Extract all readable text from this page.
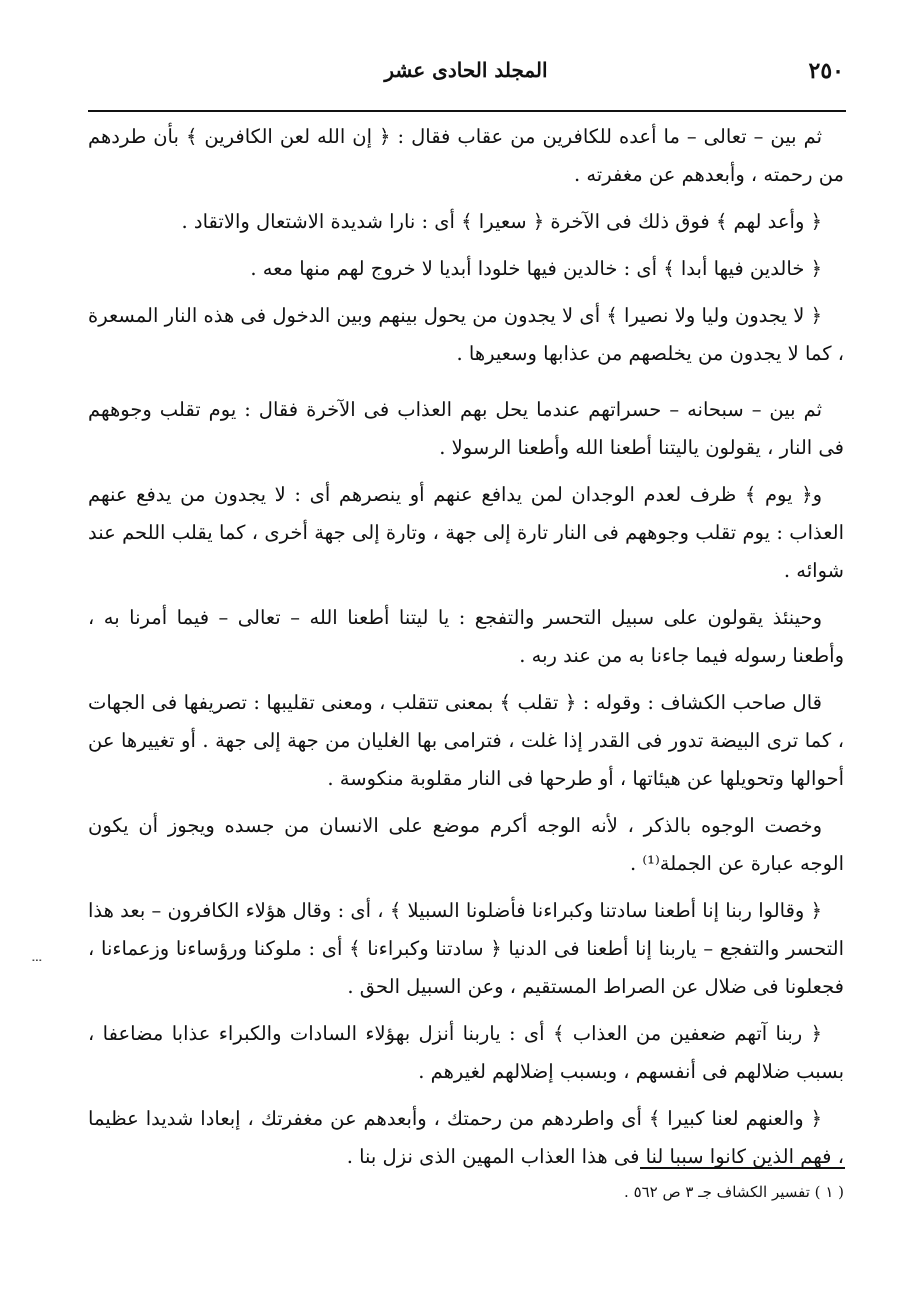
٢٥٠
المجلد الحادى عشر

ثم بين – تعالى – ما أعده للكافرين من عقاب فقال : ﴿ إن الله لعن الكافرين ﴾ بأن طردهم من رحمته ، وأبعدهم عن مغفرته .

﴿ وأعد لهم ﴾ فوق ذلك فى الآخرة ﴿ سعيرا ﴾ أى : نارا شديدة الاشتعال والاتقاد .

﴿ خالدين فيها أبدا ﴾ أى : خالدين فيها خلودا أبديا لا خروج لهم منها معه .

﴿ لا يجدون وليا ولا نصيرا ﴾ أى لا يجدون من يحول بينهم وبين الدخول فى هذه النار المسعرة ، كما لا يجدون من يخلصهم من عذابها وسعيرها .

ثم بين – سبحانه – حسراتهم عندما يحل بهم العذاب فى الآخرة فقال : يوم تقلب وجوههم فى النار ، يقولون ياليتنا أطعنا الله وأطعنا الرسولا .

و﴿ يوم ﴾ ظرف لعدم الوجدان لمن يدافع عنهم أو ينصرهم أى : لا يجدون من يدفع عنهم العذاب : يوم تقلب وجوههم فى النار تارة إلى جهة ، وتارة إلى جهة أخرى ، كما يقلب اللحم عند شوائه .

وحينئذ يقولون على سبيل التحسر والتفجع : يا ليتنا أطعنا الله – تعالى – فيما أمرنا به ، وأطعنا رسوله فيما جاءنا به من عند ربه .

قال صاحب الكشاف : وقوله : ﴿ تقلب ﴾ بمعنى تتقلب ، ومعنى تقليبها : تصريفها فى الجهات ، كما ترى البيضة تدور فى القدر إذا غلت ، فترامى بها الغليان من جهة إلى جهة . أو تغييرها عن أحوالها وتحويلها عن هيئاتها ، أو طرحها فى النار مقلوبة منكوسة .

وخصت الوجوه بالذكر ، لأنه الوجه أكرم موضع على الانسان من جسده ويجوز أن يكون الوجه عبارة عن الجملة⁽¹⁾ .

﴿ وقالوا ربنا إنا أطعنا سادتنا وكبراءنا فأضلونا السبيلا ﴾ ، أى : وقال هؤلاء الكافرون – بعد هذا التحسر والتفجع – ياربنا إنا أطعنا فى الدنيا ﴿ سادتنا وكبراءنا ﴾ أى : ملوكنا ورؤساءنا وزعماءنا ، فجعلونا فى ضلال عن الصراط المستقيم ، وعن السبيل الحق .

﴿ ربنا آتهم ضعفين من العذاب ﴾ أى : ياربنا أنزل بهؤلاء السادات والكبراء عذابا مضاعفا ، بسبب ضلالهم فى أنفسهم ، وبسبب إضلالهم لغيرهم .

﴿ والعنهم لعنا كبيرا ﴾ أى واطردهم من رحمتك ، وأبعدهم عن مغفرتك ، إبعادا شديدا عظيما ، فهم الذين كانوا سببا لنا فى هذا العذاب المهين الذى نزل بنا .

( ١ ) تفسير الكشاف جـ ٣ ص ٥٦٢ .
⁝
